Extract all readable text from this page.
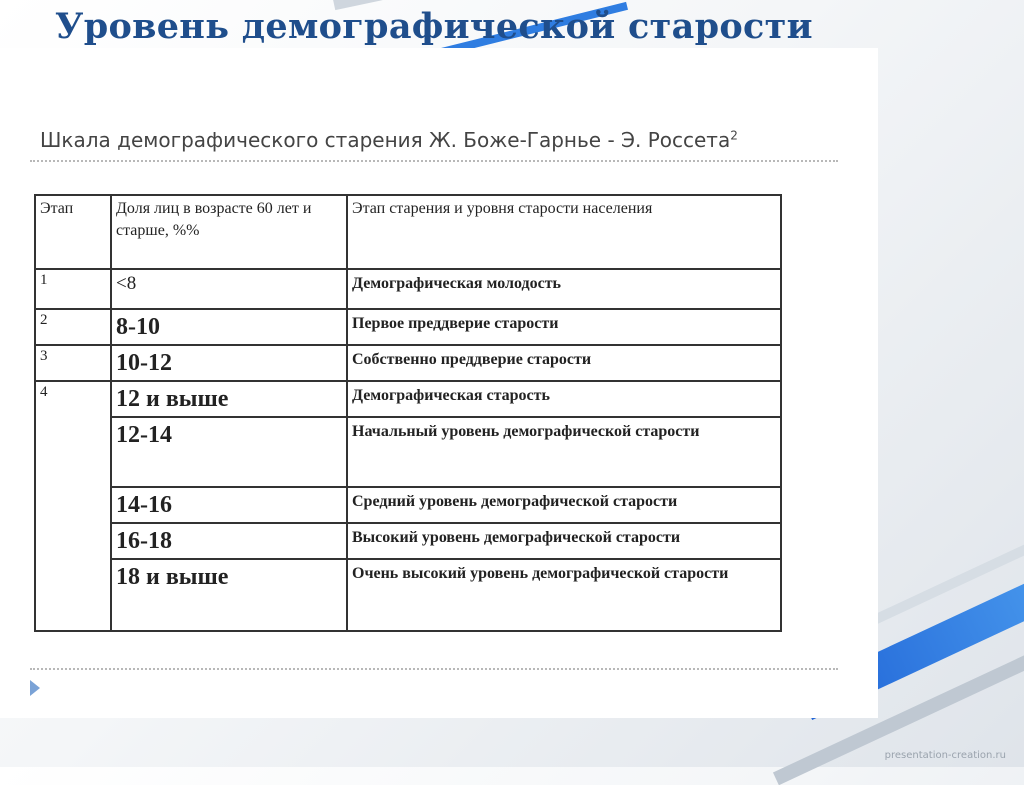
Уровень демографической старости

Шкала демографического старения Ж. Боже-Гарнье - Э. Россета$^2$

Этап	Доля лиц в возрасте 60 лет и старше, %%	Этап старения и уровня старости населения
1	<8	Демографическая молодость
2	8-10	Первое преддверие старости
3	10-12	Собственно преддверие старости
4	12 и выше	Демографическая старость
	12-14	Начальный уровень демографической старости
	14-16	Средний уровень демографической старости
	16-18	Высокий уровень демографической старости
	18 и выше	Очень высокий уровень демографической старости
presentation-creation.ru
